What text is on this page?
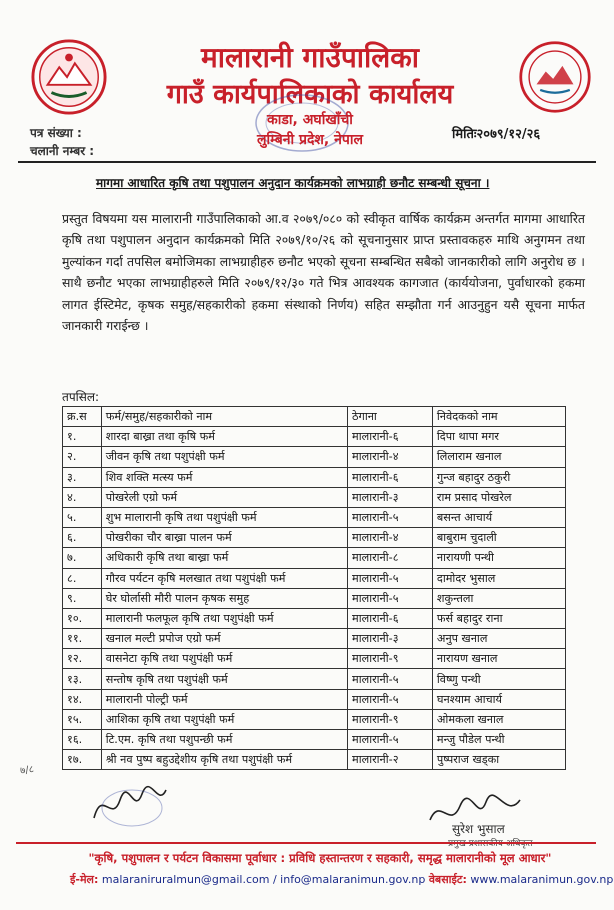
मालारानी गाउँपालिका
गाउँ कार्यपालिकाको कार्यालय
काडा, अर्घाखाँची
लुम्बिनी प्रदेश, नेपाल
पत्र संख्या :
चलानी नम्बर :
मितिः२०७९/१२/२६
मागमा आधारित कृषि तथा पशुपालन अनुदान कार्यक्रमको लाभग्राही छनौट सम्बन्धी सूचना ।

प्रस्तुत विषयमा यस मालारानी गाउँपालिकाको आ.व २०७९/०८० को स्वीकृत वार्षिक कार्यक्रम अन्तर्गत मागमा आधारित कृषि तथा पशुपालन अनुदान कार्यक्रमको मिति २०७९/१०/२६ को सूचनानुसार प्राप्त प्रस्तावकहरु माथि अनुगमन तथा मुल्यांकन गर्दा तपसिल बमोजिमका लाभग्राहीहरु छनौट भएको सूचना सम्बन्धित सबैको जानकारीको लागि अनुरोध छ । साथै छनौट भएका लाभग्राहीहरुले मिति २०७९/१२/३० गते भित्र आवश्यक कागजात (कार्ययोजना, पुर्वाधारको हकमा लागत ईस्टिमेट, कृषक समुह/सहकारीको हकमा संस्थाको निर्णय) सहित सम्झौता गर्न आउनुहुन यसै सूचना मार्फत जानकारी गराईन्छ ।

तपसिल:
क्र.स	फर्म/समुह/सहकारीको नाम	ठेगाना	निवेदकको नाम
१.	शारदा बाख्रा तथा कृषि फर्म	मालारानी-६	दिपा थापा मगर
२.	जीवन कृषि तथा पशुपंक्षी फर्म	मालारानी-४	लिलाराम खनाल
३.	शिव शक्ति मत्स्य फर्म	मालारानी-६	गुन्ज बहादुर ठकुरी
४.	पोखरेली एग्रो फर्म	मालारानी-३	राम प्रसाद पोखरेल
५.	शुभ मालारानी कृषि तथा पशुपंक्षी फर्म	मालारानी-५	बसन्त आचार्य
६.	पोखरीका चौर बाख्रा पालन फर्म	मालारानी-४	बाबुराम चुदाली
७.	अधिकारी कृषि तथा बाख्रा फर्म	मालारानी-८	नारायणी पन्थी
८.	गौरव पर्यटन कृषि मलखात तथा पशुपंक्षी फर्म	मालारानी-५	दामोदर भुसाल
९.	घेर घोर्लासी मौरी पालन कृषक समुह	मालारानी-५	शकुन्तला
१०.	मालारानी फलफूल कृषि तथा पशुपंक्षी फर्म	मालारानी-६	फर्स बहादुर राना
११.	खनाल मल्टी प्रपोज एग्रो फर्म	मालारानी-३	अनुप खनाल
१२.	वासनेटा कृषि तथा पशुपंक्षी फर्म	मालारानी-९	नारायण खनाल
१३.	सन्तोष कृषि तथा पशुपंक्षी फर्म	मालारानी-५	विष्णु पन्थी
१४.	मालारानी पोल्ट्री फर्म	मालारानी-५	घनश्याम आचार्य
१५.	आशिका कृषि तथा पशुपंक्षी फर्म	मालारानी-९	ओमकला खनाल
१६.	टि.एम. कृषि तथा पशुपन्छी फर्म	मालारानी-५	मन्जु पौडेल पन्थी
१७.	श्री नव पुष्प बहुउद्देशीय कृषि तथा पशुपंक्षी फर्म	मालारानी-२	पुष्पराज खड्का
७/८
सुरेश भुसाल
प्रमुख प्रशासकीय अधिकृत
"कृषि, पशुपालन र पर्यटन विकासमा पूर्वाधार : प्रविधि हस्तान्तरण र सहकारी, समृद्ध मालारानीको मूल आधार"
ई-मेल: malaraniruralmun@gmail.com / info@malaranimun.gov.np वेबसाईट: www.malaranimun.gov.np
